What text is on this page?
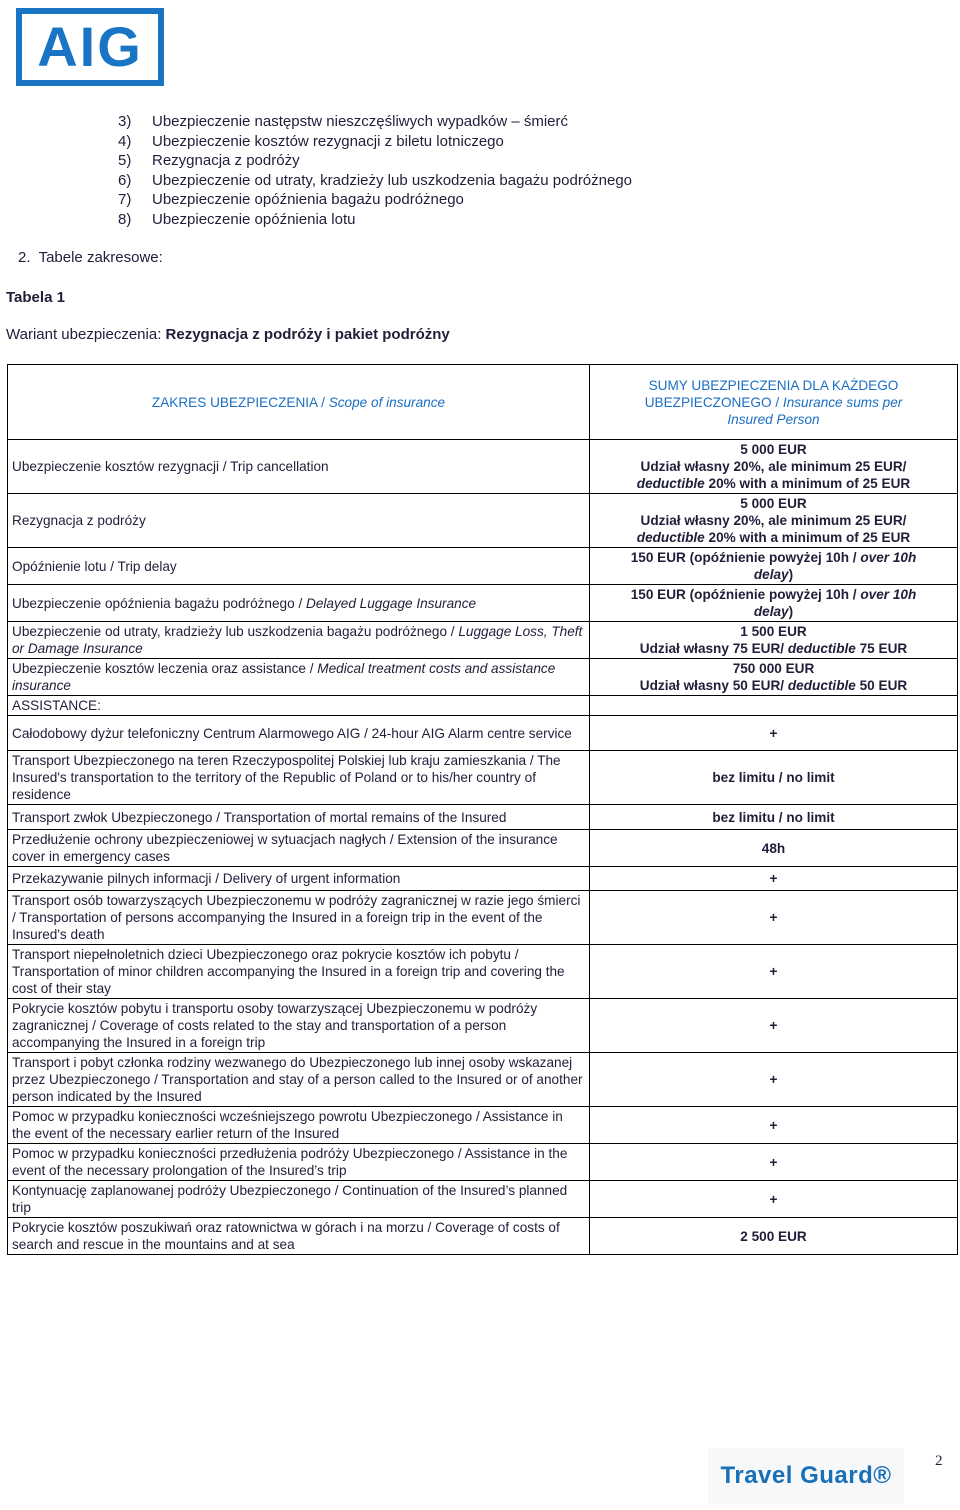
AIG
3) Ubezpieczenie następstw nieszczęśliwych wypadków – śmierć
4) Ubezpieczenie kosztów rezygnacji z biletu lotniczego
5) Rezygnacja z podróży
6) Ubezpieczenie od utraty, kradzieży lub uszkodzenia bagażu podróżnego
7) Ubezpieczenie opóźnienia bagażu podróżnego
8) Ubezpieczenie opóźnienia lotu
2.  Tabele zakresowe:
Tabela 1
Wariant ubezpieczenia: Rezygnacja z podróży i pakiet podróżny
ZAKRES UBEZPIECZENIA / Scope of insurance	SUMY UBEZPIECZENIA DLA KAŻDEGO
UBEZPIECZONEGO / Insurance sums per
Insured Person

Ubezpieczenie kosztów rezygnacji / Trip cancellation	5 000 EUR
Udział własny 20%, ale minimum 25 EUR/
deductible 20% with a minimum of 25 EUR

Rezygnacja z podróży	5 000 EUR
Udział własny 20%, ale minimum 25 EUR/
deductible 20% with a minimum of 25 EUR

Opóźnienie lotu / Trip delay	150 EUR (opóźnienie powyżej 10h / over 10h
delay)

Ubezpieczenie opóźnienia bagażu podróżnego / Delayed Luggage Insurance	150 EUR (opóźnienie powyżej 10h / over 10h
delay)

Ubezpieczenie od utraty, kradzieży lub uszkodzenia bagażu podróżnego / Luggage Loss, Theft or Damage Insurance	1 500 EUR
Udział własny 75 EUR/ deductible 75 EUR

Ubezpieczenie kosztów leczenia oraz assistance / Medical treatment costs and assistance insurance	750 000 EUR
Udział własny 50 EUR/ deductible 50 EUR

ASSISTANCE:	
Całodobowy dyżur telefoniczny Centrum Alarmowego AIG / 24-hour AIG Alarm centre service	+
Transport Ubezpieczonego na teren Rzeczypospolitej Polskiej lub kraju zamieszkania / The Insured's transportation to the territory of the Republic of Poland or to his/her country of residence	bez limitu / no limit
Transport zwłok Ubezpieczonego / Transportation of mortal remains of the Insured	bez limitu / no limit
Przedłużenie ochrony ubezpieczeniowej w sytuacjach nagłych / Extension of the insurance cover in emergency cases	48h
Przekazywanie pilnych informacji / Delivery of urgent information	+
Transport osób towarzyszących Ubezpieczonemu w podróży zagranicznej w razie jego śmierci / Transportation of persons accompanying the Insured in a foreign trip in the event of the Insured's death	+
Transport niepełnoletnich dzieci Ubezpieczonego oraz pokrycie kosztów ich pobytu / Transportation of minor children accompanying the Insured in a foreign trip and covering the cost of their stay	+
Pokrycie kosztów pobytu i transportu osoby towarzyszącej Ubezpieczonemu w podróży zagranicznej / Coverage of costs related to the stay and transportation of a person accompanying the Insured in a foreign trip	+
Transport i pobyt członka rodziny wezwanego do Ubezpieczonego lub innej osoby wskazanej przez Ubezpieczonego / Transportation and stay of a person called to the Insured or of another person indicated by the Insured	+
Pomoc w przypadku konieczności wcześniejszego powrotu Ubezpieczonego / Assistance in the event of the necessary earlier return of the Insured	+
Pomoc w przypadku konieczności przedłużenia podróży Ubezpieczonego / Assistance in the event of the necessary prolongation of the Insured’s trip	+
Kontynuację zaplanowanej podróży Ubezpieczonego / Continuation of the Insured’s planned trip	+
Pokrycie kosztów poszukiwań oraz ratownictwa w górach i na morzu / Coverage of costs of search and rescue in the mountains and at sea	2 500 EUR
Travel Guard®
2
